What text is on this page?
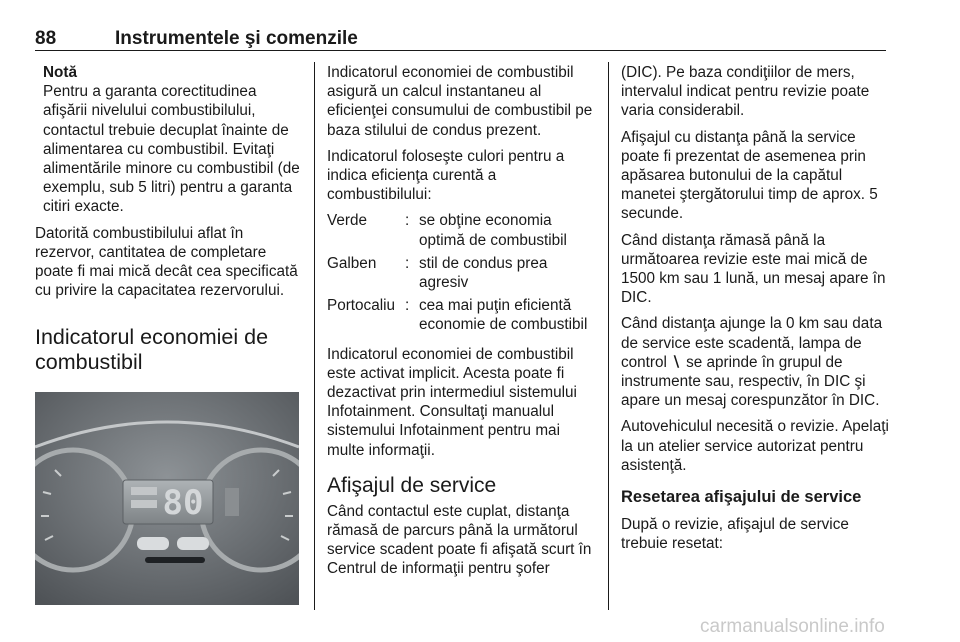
88	Instrumentele şi comenzile
Notă

Pentru a garanta corectitudinea afişării nivelului combustibilului, contactul trebuie decuplat înainte de alimentarea cu combustibil. Evitaţi alimentările minore cu combustibil (de exemplu, sub 5 litri) pentru a garanta citiri exacte.

Datorită combustibilului aflat în rezervor, cantitatea de completare poate fi mai mică decât cea specificată cu privire la capacitatea rezervorului.

Indicatorul economiei de combustibil
80

Indicatorul economiei de combustibil asigură un calcul instantaneu al eficienţei consumului de combustibil pe baza stilului de condus prezent.

Indicatorul foloseşte culori pentru a indica eficienţa curentă a combustibilului:

Verde	: se obţine economia optimă de combustibil
Galben	: stil de condus prea agresiv
Portocaliu : cea mai puţin eficientă economie de combustibil

Indicatorul economiei de combustibil este activat implicit. Acesta poate fi dezactivat prin intermediul sistemului Infotainment. Consultaţi manualul sistemului Infotainment pentru mai multe informaţii.

Afişajul de service

Când contactul este cuplat, distanţa rămasă de parcurs până la următorul service scadent poate fi afişată scurt în Centrul de informaţii pentru şofer

(DIC). Pe baza condiţiilor de mers, intervalul indicat pentru revizie poate varia considerabil.

Afişajul cu distanţa până la service poate fi prezentat de asemenea prin apăsarea butonului de la capătul manetei ştergătorului timp de aprox. 5 secunde.

Când distanţa rămasă până la următoarea revizie este mai mică de 1500 km sau 1 lună, un mesaj apare în DIC.

Când distanţa ajunge la 0 km sau data de service este scadentă, lampa de control ∖ se aprinde în grupul de instrumente sau, respectiv, în DIC şi apare un mesaj corespunzător în DIC.

Autovehiculul necesită o revizie. Apelaţi la un atelier service autorizat pentru asistenţă.

Resetarea afişajului de service

După o revizie, afişajul de service trebuie resetat:

carmanualsonline.info
